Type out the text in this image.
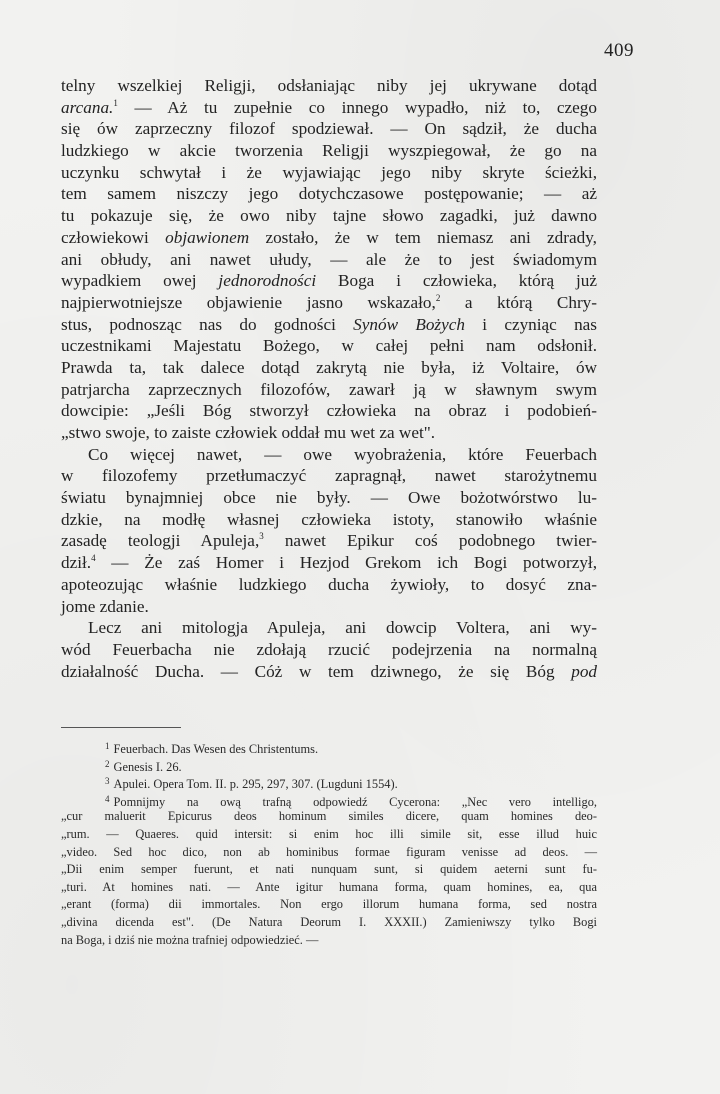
409
telny wszelkiej Religji, odsłaniając niby jej ukrywane dotąd
arcana.$^1$ — Aż tu zupełnie co innego wypadło, niż to, czego
się ów zaprzeczny filozof spodziewał. — On sądził, że ducha
ludzkiego w akcie tworzenia Religji wyszpiegował, że go na
uczynku schwytał i że wyjawiając jego niby skryte ścieżki,
tem samem niszczy jego dotychczasowe postępowanie; — aż
tu pokazuje się, że owo niby tajne słowo zagadki, już dawno
człowiekowi objawionem zostało, że w tem niemasz ani zdrady,
ani obłudy, ani nawet ułudy, — ale że to jest świadomym
wypadkiem owej jednorodności Boga i człowieka, którą już
najpierwotniejsze objawienie jasno wskazało,$^2$ a którą Chry-
stus, podnosząc nas do godności Synów Bożych i czyniąc nas
uczestnikami Majestatu Bożego, w całej pełni nam odsłonił.
Prawda ta, tak dalece dotąd zakrytą nie była, iż Voltaire, ów
patrjarcha zaprzecznych filozofów, zawarł ją w sławnym swym
dowcipie: „Jeśli Bóg stworzył człowieka na obraz i podobień-
„stwo swoje, to zaiste człowiek oddał mu wet za wet".
Co więcej nawet, — owe wyobrażenia, które Feuerbach
w filozofemy przetłumaczyć zapragnął, nawet starożytnemu
światu bynajmniej obce nie były. — Owe bożotwórstwo lu-
dzkie, na modłę własnej człowieka istoty, stanowiło właśnie
zasadę teologji Apuleja,$^3$ nawet Epikur coś podobnego twier-
dził.$^4$ — Że zaś Homer i Hezjod Grekom ich Bogi potworzył,
apoteozując właśnie ludzkiego ducha żywioły, to dosyć zna-
jome zdanie.
Lecz ani mitologja Apuleja, ani dowcip Voltera, ani wy-
wód Feuerbacha nie zdołają rzucić podejrzenia na normalną
działalność Ducha. — Cóż w tem dziwnego, że się Bóg pod
$^1$ Feuerbach. Das Wesen des Christentums.
$^2$ Genesis I. 26.
$^3$ Apulei. Opera Tom. II. p. 295, 297, 307. (Lugduni 1554).
$^4$ Pomnijmy na ową trafną odpowiedź Cycerona: „Nec vero intelligo,
„cur maluerit Epicurus deos hominum similes dicere, quam homines deo-
„rum. — Quaeres. quid intersit: si enim hoc illi simile sit, esse illud huic
„video. Sed hoc dico, non ab hominibus formae figuram venisse ad deos. —
„Dii enim semper fuerunt, et nati nunquam sunt, si quidem aeterni sunt fu-
„turi. At homines nati. — Ante igitur humana forma, quam homines, ea, qua
„erant (forma) dii immortales. Non ergo illorum humana forma, sed nostra
„divina dicenda est". (De Natura Deorum I. XXXII.) Zamieniwszy tylko Bogi
na Boga, i dziś nie można trafniej odpowiedzieć. —
